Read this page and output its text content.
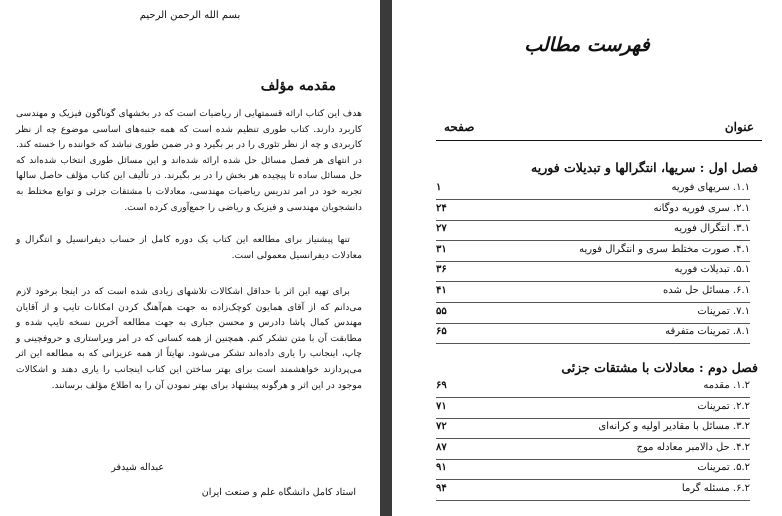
بسم الله الرحمن الرحیم
مقدمه مؤلف

هدف این کتاب ارائه قسمتهایی از ریاضیات است که در بخشهای گوناگون فیزیک و مهندسی کاربرد دارند. کتاب طوری تنظیم شده است که همه جنبه‌های اساسی موضوع چه از نظر کاربردی و چه از نظر تئوری را در بر بگیرد و در ضمن طوری نباشد که خواننده را خسته کند. در انتهای هر فصل مسائل حل شده ارائه شده‌اند و این مسائل طوری انتخاب شده‌اند که حل مسائل ساده تا پیچیده هر بخش را در بر بگیرند. در تألیف این کتاب مؤلف حاصل سالها تجربه خود در امر تدریس ریاضیات مهندسی، معادلات با مشتقات جزئی و توابع مختلط به دانشجویان مهندسی و فیزیک و ریاضی را جمع‌آوری کرده است.

تنها پیشنیاز برای مطالعه این کتاب یک دوره کامل از حساب دیفرانسیل و انتگرال و معادلات دیفرانسیل معمولی است.

برای تهیه این اثر با حداقل اشکالات تلاشهای زیادی شده است که در اینجا برخود لازم می‌دانم که از آقای همایون کوچک‌زاده به جهت هم‌آهنگ کردن امکانات تایپ و از آقایان مهندس کمال پاشا دادرس و محسن جباری به جهت مطالعه آخرین نسخه تایپ شده و مطابقت آن با متن تشکر کنم. همچنین از همه کسانی که در امر ویراستاری و حروفچینی و چاپ، اینجانب را یاری داده‌اند تشکر می‌شود. نهایتاً از همه عزیزانی که به مطالعه این اثر می‌پردازند خواهشمند است برای بهتر ساختن این کتاب اینجانب را یاری دهند و اشکالات موجود در این اثر و هرگونه پیشنهاد برای بهتر نمودن آن را به اطلاع مؤلف برسانند.

عبداله شیدفر
استاد کامل دانشگاه علم و صنعت ایران
فهرست مطالب
عنوان
صفحه
فصل اول : سریها، انتگرالها و تبدیلات فوریه
۱.۱. سریهای فوریه
۱
۲.۱. سری فوریه دوگانه
۲۴
۳.۱. انتگرال فوریه
۲۷
۴.۱. صورت مختلط سری و انتگرال فوریه
۳۱
۵.۱. تبدیلات فوریه
۳۶
۶.۱. مسائل حل شده
۴۱
۷.۱. تمرینات
۵۵
۸.۱. تمرینات متفرقه
۶۵
فصل دوم : معادلات با مشتقات جزئی
۱.۲. مقدمه
۶۹
۲.۲. تمرینات
۷۱
۳.۲. مسائل با مقادیر اولیه و کرانه‌ای
۷۲
۴.۲. حل دالامبر معادله موج
۸۷
۵.۲. تمرینات
۹۱
۶.۲. مسئله گرما
۹۴
